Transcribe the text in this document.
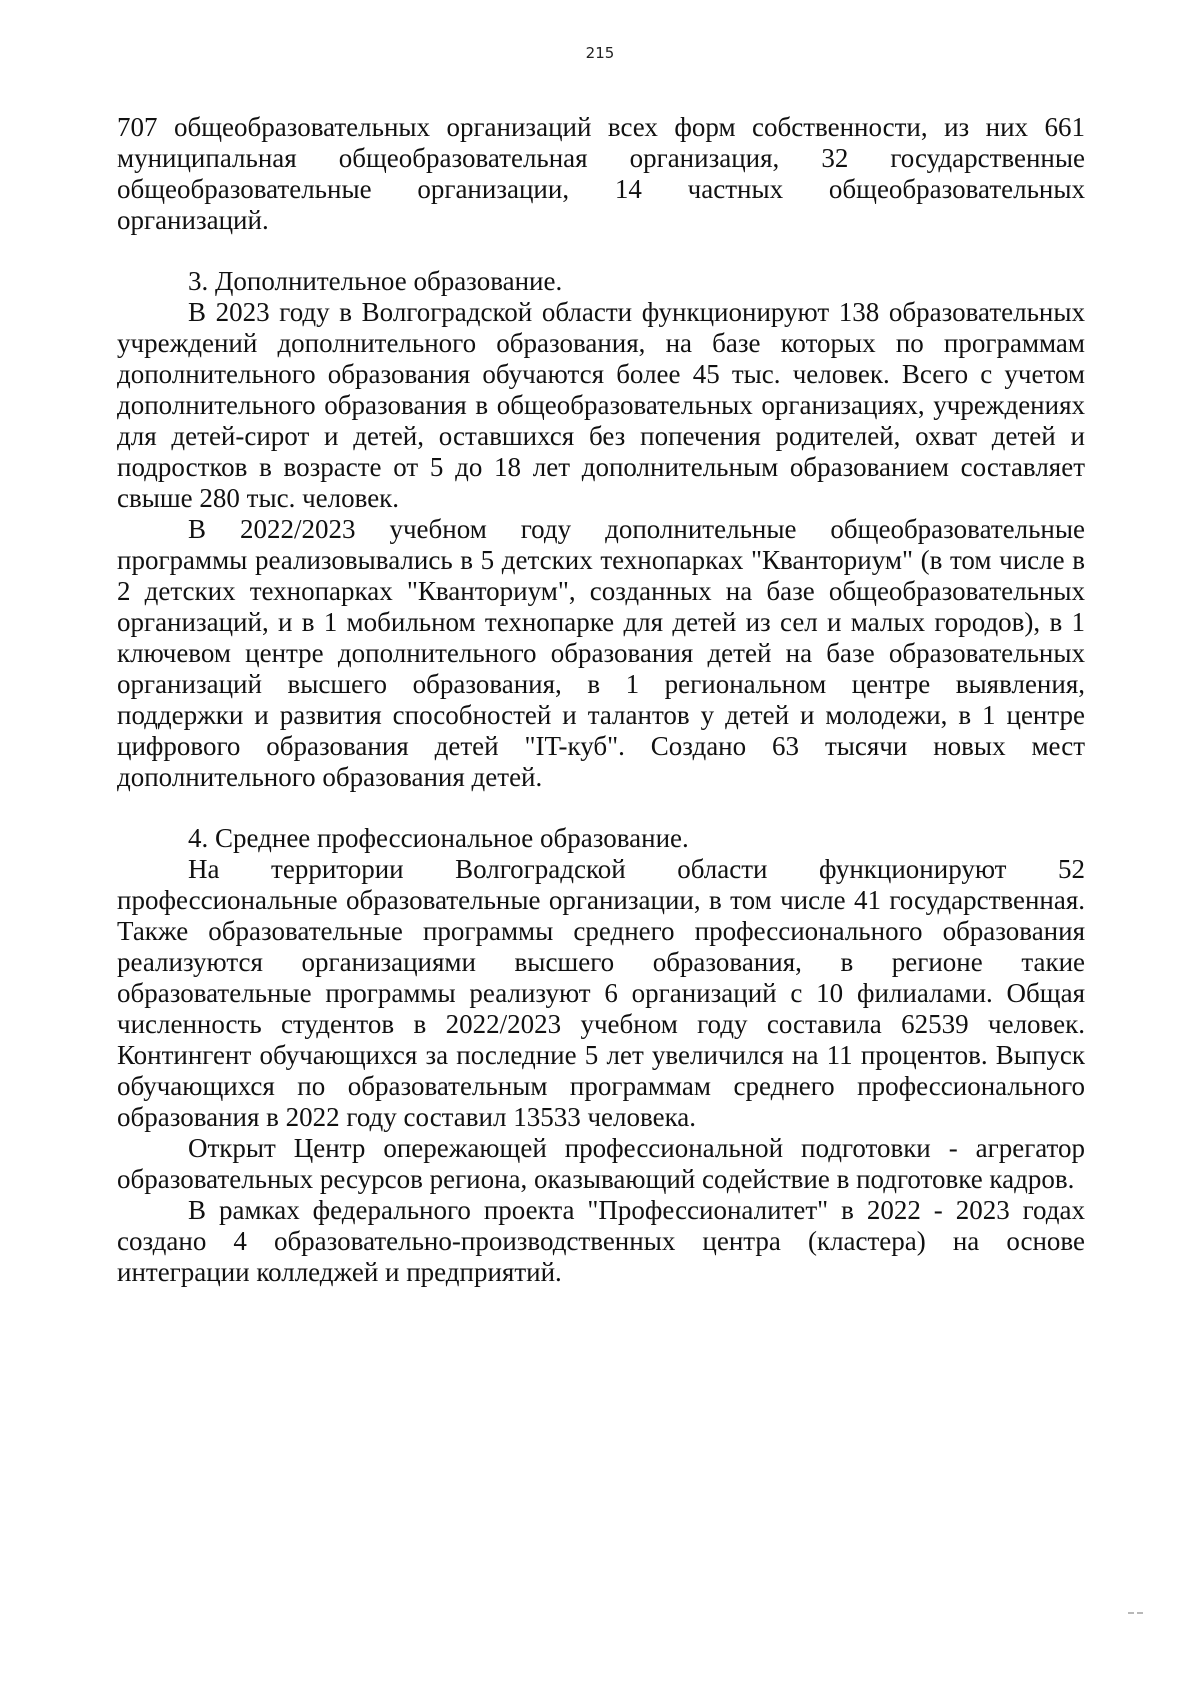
215

707 общеобразовательных организаций всех форм собственности, из них 661 муниципальная общеобразовательная организация, 32 государственные общеобразовательные организации, 14 частных общеобразовательных организаций.

3. Дополнительное образование.

В 2023 году в Волгоградской области функционируют 138 образовательных учреждений дополнительного образования, на базе которых по программам дополнительного образования обучаются более 45 тыс. человек. Всего с учетом дополнительного образования в общеобразовательных организациях, учреждениях для детей-сирот и детей, оставшихся без попечения родителей, охват детей и подростков в возрасте от 5 до 18 лет дополнительным образованием составляет свыше 280 тыс. человек.

В 2022/2023 учебном году дополнительные общеобразовательные программы реализовывались в 5 детских технопарках "Кванториум" (в том числе в 2 детских технопарках "Кванториум", созданных на базе общеобразовательных организаций, и в 1 мобильном технопарке для детей из сел и малых городов), в 1 ключевом центре дополнительного образования детей на базе образовательных организаций высшего образования, в 1 региональном центре выявления, поддержки и развития способностей и талантов у детей и молодежи, в 1 центре цифрового образования детей "IT-куб". Создано 63 тысячи новых мест дополнительного образования детей.

4. Среднее профессиональное образование.

На территории Волгоградской области функционируют 52 профессиональные образовательные организации, в том числе 41 государственная. Также образовательные программы среднего профессионального образования реализуются организациями высшего образования, в регионе такие образовательные программы реализуют 6 организаций с 10 филиалами. Общая численность студентов в 2022/2023 учебном году составила 62539 человек. Контингент обучающихся за последние 5 лет увеличился на 11 процентов. Выпуск обучающихся по образовательным программам среднего профессионального образования в 2022 году составил 13533 человека.

Открыт Центр опережающей профессиональной подготовки - агрегатор образовательных ресурсов региона, оказывающий содействие в подготовке кадров.

В рамках федерального проекта "Профессионалитет" в 2022 - 2023 годах создано 4 образовательно-производственных центра (кластера) на основе интеграции колледжей и предприятий.
